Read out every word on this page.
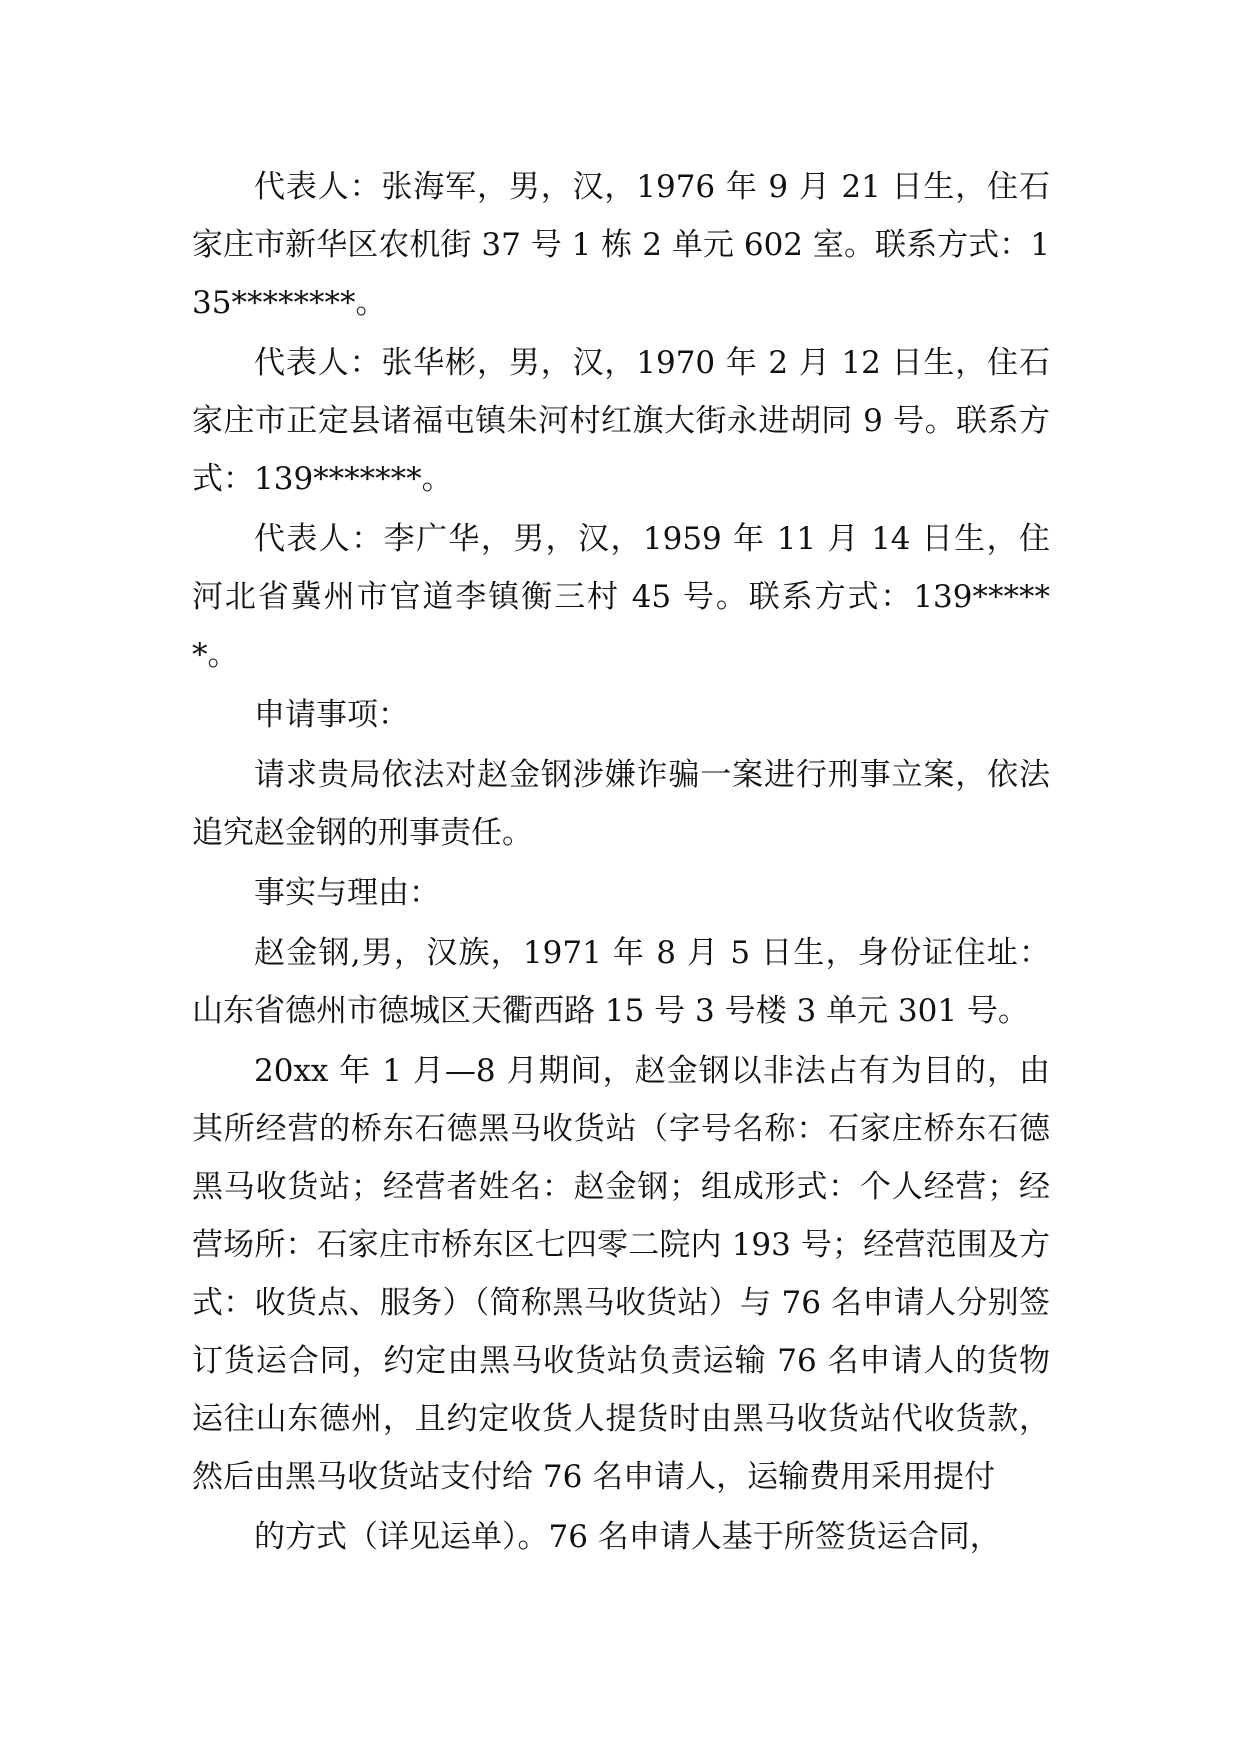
代表人：张海军，男，汉，1976 年 9 月 21 日生，住石家庄市新华区农机街 37 号 1 栋 2 单元 602 室。联系方式：135********。

代表人：张华彬，男，汉，1970 年 2 月 12 日生，住石家庄市正定县诸福屯镇朱河村红旗大街永进胡同 9 号。联系方式：139*******。

代表人：李广华，男，汉，1959 年 11 月 14 日生，住河北省冀州市官道李镇衡三村 45 号。联系方式：139******。

申请事项：

请求贵局依法对赵金钢涉嫌诈骗一案进行刑事立案，依法追究赵金钢的刑事责任。

事实与理由：

赵金钢,男，汉族，1971 年 8 月 5 日生，身份证住址：山东省德州市德城区天衢西路 15 号 3 号楼 3 单元 301 号。

20xx 年 1 月—8 月期间，赵金钢以非法占有为目的，由其所经营的桥东石德黑马收货站（字号名称：石家庄桥东石德黑马收货站；经营者姓名：赵金钢；组成形式：个人经营；经营场所：石家庄市桥东区七四零二院内 193 号；经营范围及方式：收货点、服务）（简称黑马收货站）与 76 名申请人分别签订货运合同，约定由黑马收货站负责运输 76 名申请人的货物运往山东德州，且约定收货人提货时由黑马收货站代收货款，然后由黑马收货站支付给 76 名申请人，运输费用采用提付

的方式（详见运单）。76 名申请人基于所签货运合同，
